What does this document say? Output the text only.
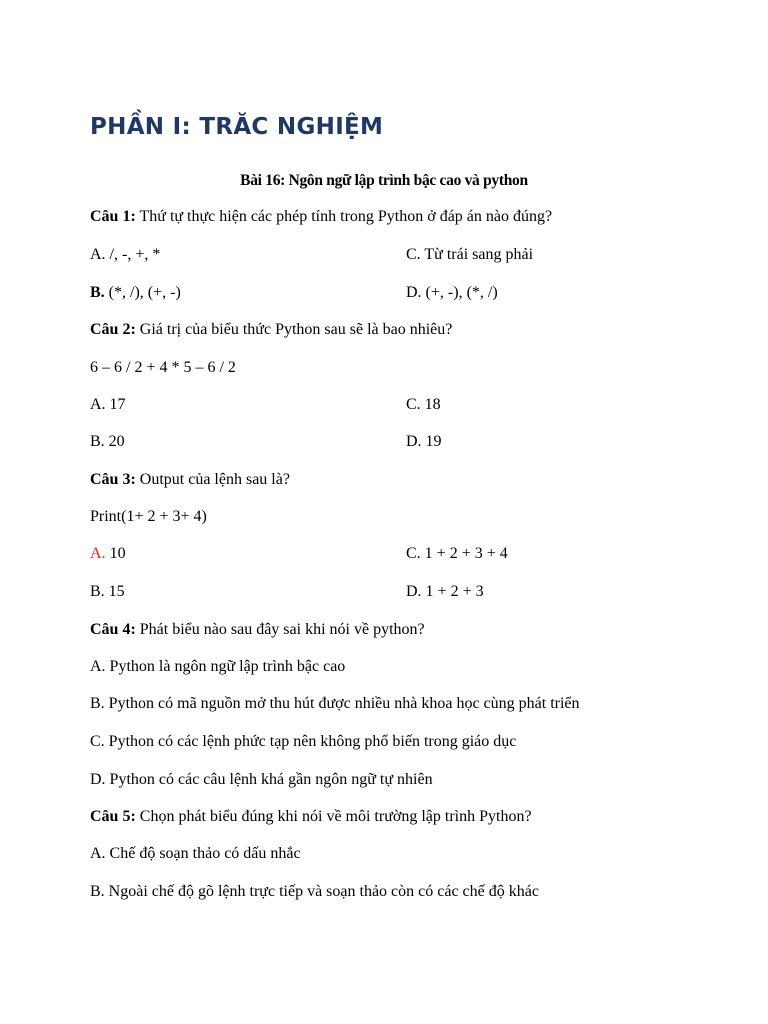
PHẦN I: TRĂC NGHIỆM
Bài 16: Ngôn ngữ lập trình bậc cao và python
Câu 1: Thứ tự thực hiện các phép tính trong Python ở đáp án nào đúng?
A. /, -, +, *	C. Từ trái sang phải
B. (*, /), (+, -)	D. (+, -), (*, /)
Câu 2: Giá trị của biểu thức Python sau sẽ là bao nhiêu?
6 – 6 / 2 + 4 * 5 – 6 / 2
A. 17	C. 18
B. 20	D. 19
Câu 3: Output của lệnh sau là?
Print(1+ 2 + 3+ 4)
A. 10	C. 1 + 2 + 3 + 4
B. 15	D. 1 + 2 + 3
Câu 4: Phát biểu nào sau đây sai khi nói về python?
A. Python là ngôn ngữ lập trình bậc cao
B. Python có mã nguồn mở thu hút được nhiều nhà khoa học cùng phát triển
C. Python có các lệnh phức tạp nên không phổ biến trong giáo dục
D. Python có các câu lệnh khá gần ngôn ngữ tự nhiên
Câu 5: Chọn phát biểu đúng khi nói về môi trường lập trình Python?
A. Chế độ soạn thảo có dấu nhắc
B. Ngoài chế độ gõ lệnh trực tiếp và soạn thảo còn có các chế độ khác
